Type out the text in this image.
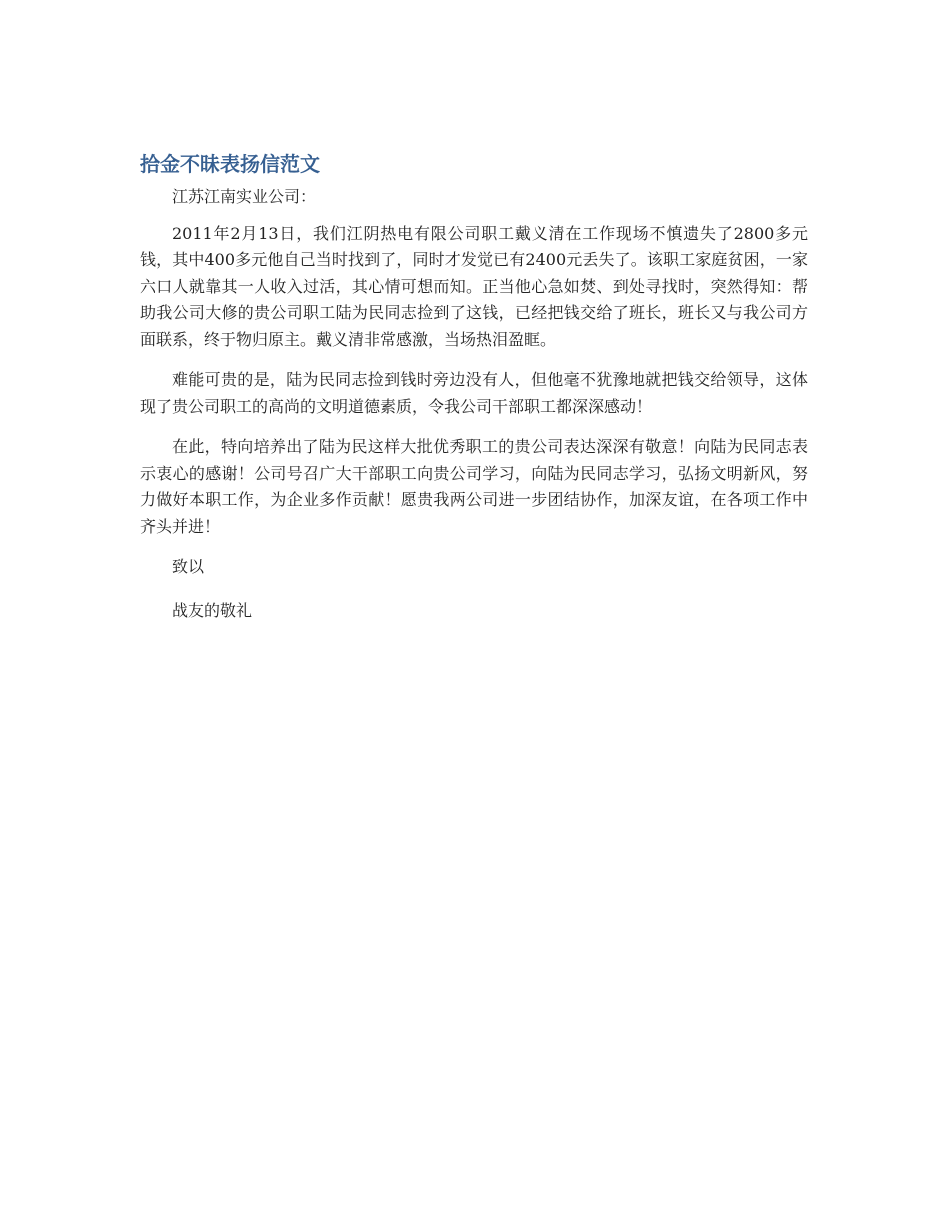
拾金不昧表扬信范文

江苏江南实业公司：

2011年2月13日，我们江阴热电有限公司职工戴义清在工作现场不慎遗失了2800多元钱，其中400多元他自己当时找到了，同时才发觉已有2400元丢失了。该职工家庭贫困，一家六口人就靠其一人收入过活，其心情可想而知。正当他心急如焚、到处寻找时，突然得知：帮助我公司大修的贵公司职工陆为民同志捡到了这钱，已经把钱交给了班长，班长又与我公司方面联系，终于物归原主。戴义清非常感激，当场热泪盈眶。

难能可贵的是，陆为民同志捡到钱时旁边没有人，但他毫不犹豫地就把钱交给领导，这体现了贵公司职工的高尚的文明道德素质，令我公司干部职工都深深感动！

在此，特向培养出了陆为民这样大批优秀职工的贵公司表达深深有敬意！向陆为民同志表示衷心的感谢！公司号召广大干部职工向贵公司学习，向陆为民同志学习，弘扬文明新风，努力做好本职工作，为企业多作贡献！愿贵我两公司进一步团结协作，加深友谊，在各项工作中齐头并进！

致以

战友的敬礼
